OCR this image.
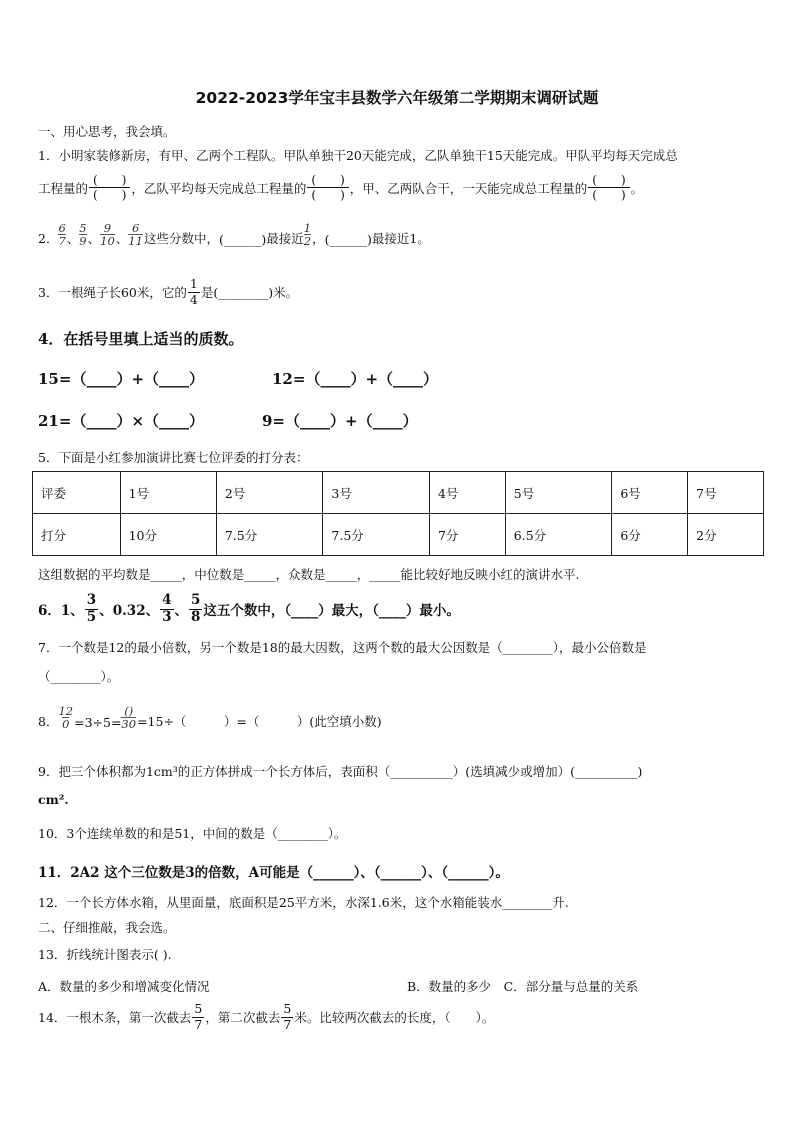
2022-2023学年宝丰县数学六年级第二学期期末调研试题
一、用心思考，我会填。
1．小明家装修新房，有甲、乙两个工程队。甲队单独干20天能完成，乙队单独干15天能完成。甲队平均每天完成总
工程量的 $\frac{( )}{( )}$ ，乙队平均每天完成总工程量的 $\frac{( )}{( )}$ ，甲、乙两队合干，一天能完成总工程量的 $\frac{( )}{( )}$ 。
2．
6
7 、
5
9 、
9
10 、
6
11 这些分数中， (______) 最接近
1
2 ， (______) 最接近1。
3．一根绳子长60米，它的 $\frac{1}{4}$ 是 (________) 米。
4．在括号里填上适当的质数。
15=（____）+（____）	12=（____）+（____）
21=（____）×（____）	9=（____）+（____）
5．下面是小红参加演讲比赛七位评委的打分表：
评委	1号	2号	3号	4号	5号	6号	7号
打分	10分	7.5分	7.5分	7分	6.5分	6分	2分
这组数据的平均数是_____，中位数是_____，众数是_____，_____能比较好地反映小红的演讲水平.
6．1、 $\frac{3}{5}$ 、0.32、 $\frac{4}{3}$ 、 $\frac{5}{8}$ 这五个数中，（____）最大，（____）最小。
7．一个数是12的最小倍数，另一个数是18的最大因数，这两个数的最大公因数是（________），最小公倍数是
（________）。
8． $\frac{12}{0} =3\div 5=$
()
30 =15÷（　　　）=（　　　）(此空填小数)
9．把三个体积都为1cm³的正方体拼成一个长方体后，表面积（__________）(选填减少或增加）(__________)
cm².
10．3个连续单数的和是51，中间的数是（________）。
11．2A2 这个三位数是3的倍数，A可能是（______）、（______）、（______）。
12．一个长方体水箱，从里面量，底面积是25平方米，水深1.6米，这个水箱能装水________升.
二、仔细推敲，我会选。
13．折线统计图表示( ).
A．数量的多少和增减变化情况	B．数量的多少　C．部分量与总量的关系
14．一根木条，第一次截去 $\frac{5}{7}$ ，第二次截去 $\frac{5}{7}$ 米。比较两次截去的长度，（　　）。
